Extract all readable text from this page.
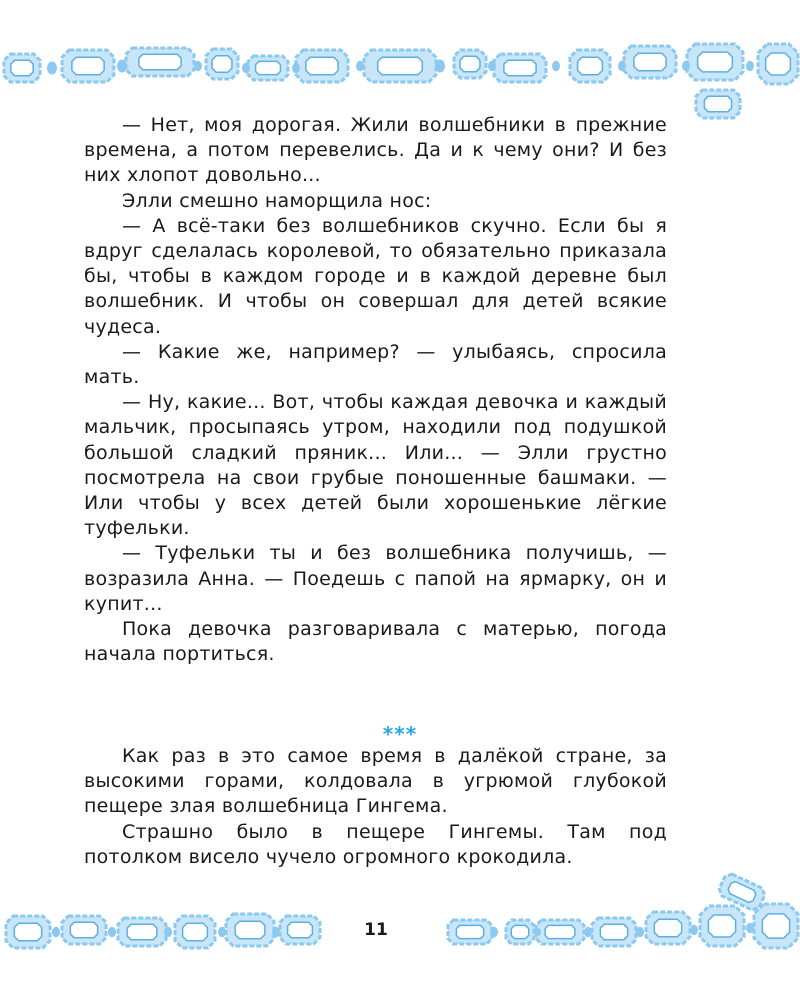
— Нет, моя дорогая. Жили волшебники в прежние времена, а потом перевелись. Да и к чему они? И без них хлопот довольно...

Элли смешно наморщила нос:

— А всё-таки без волшебников скучно. Если бы я вдруг сделалась королевой, то обязательно приказала бы, чтобы в каждом городе и в каждой деревне был волшебник. И чтобы он совершал для детей всякие чудеса.

— Какие же, например? — улыбаясь, спросила мать.

— Ну, какие... Вот, чтобы каждая девочка и каждый мальчик, просыпаясь утром, находили под подушкой большой сладкий пряник... Или... — Элли грустно посмотрела на свои грубые поношенные башмаки. — Или чтобы у всех детей были хорошенькие лёгкие туфельки.

— Туфельки ты и без волшебника получишь, — возразила Анна. — Поедешь с папой на ярмарку, он и купит...

Пока девочка разговаривала с матерью, погода начала портиться.

***

Как раз в это самое время в далёкой стране, за высокими горами, колдовала в угрюмой глубокой пещере злая волшебница Гингема.

Страшно было в пещере Гингемы. Там под потолком висело чучело огромного крокодила.

11
